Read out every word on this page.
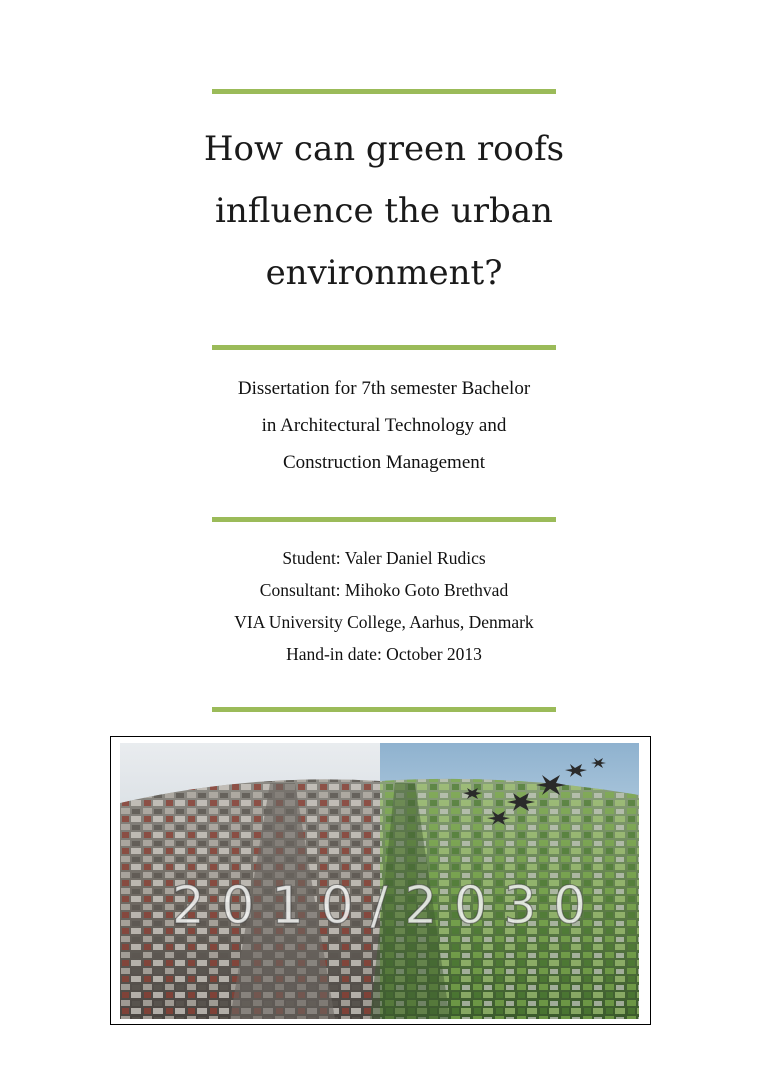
How can green roofs
influence the urban
environment?
Dissertation for 7th semester Bachelor
in Architectural Technology and
Construction Management
Student: Valer Daniel Rudics
Consultant: Mihoko Goto Brethvad
VIA University College, Aarhus, Denmark
Hand-in date: October 2013
2 0 1 0 / 2 0 3 0
